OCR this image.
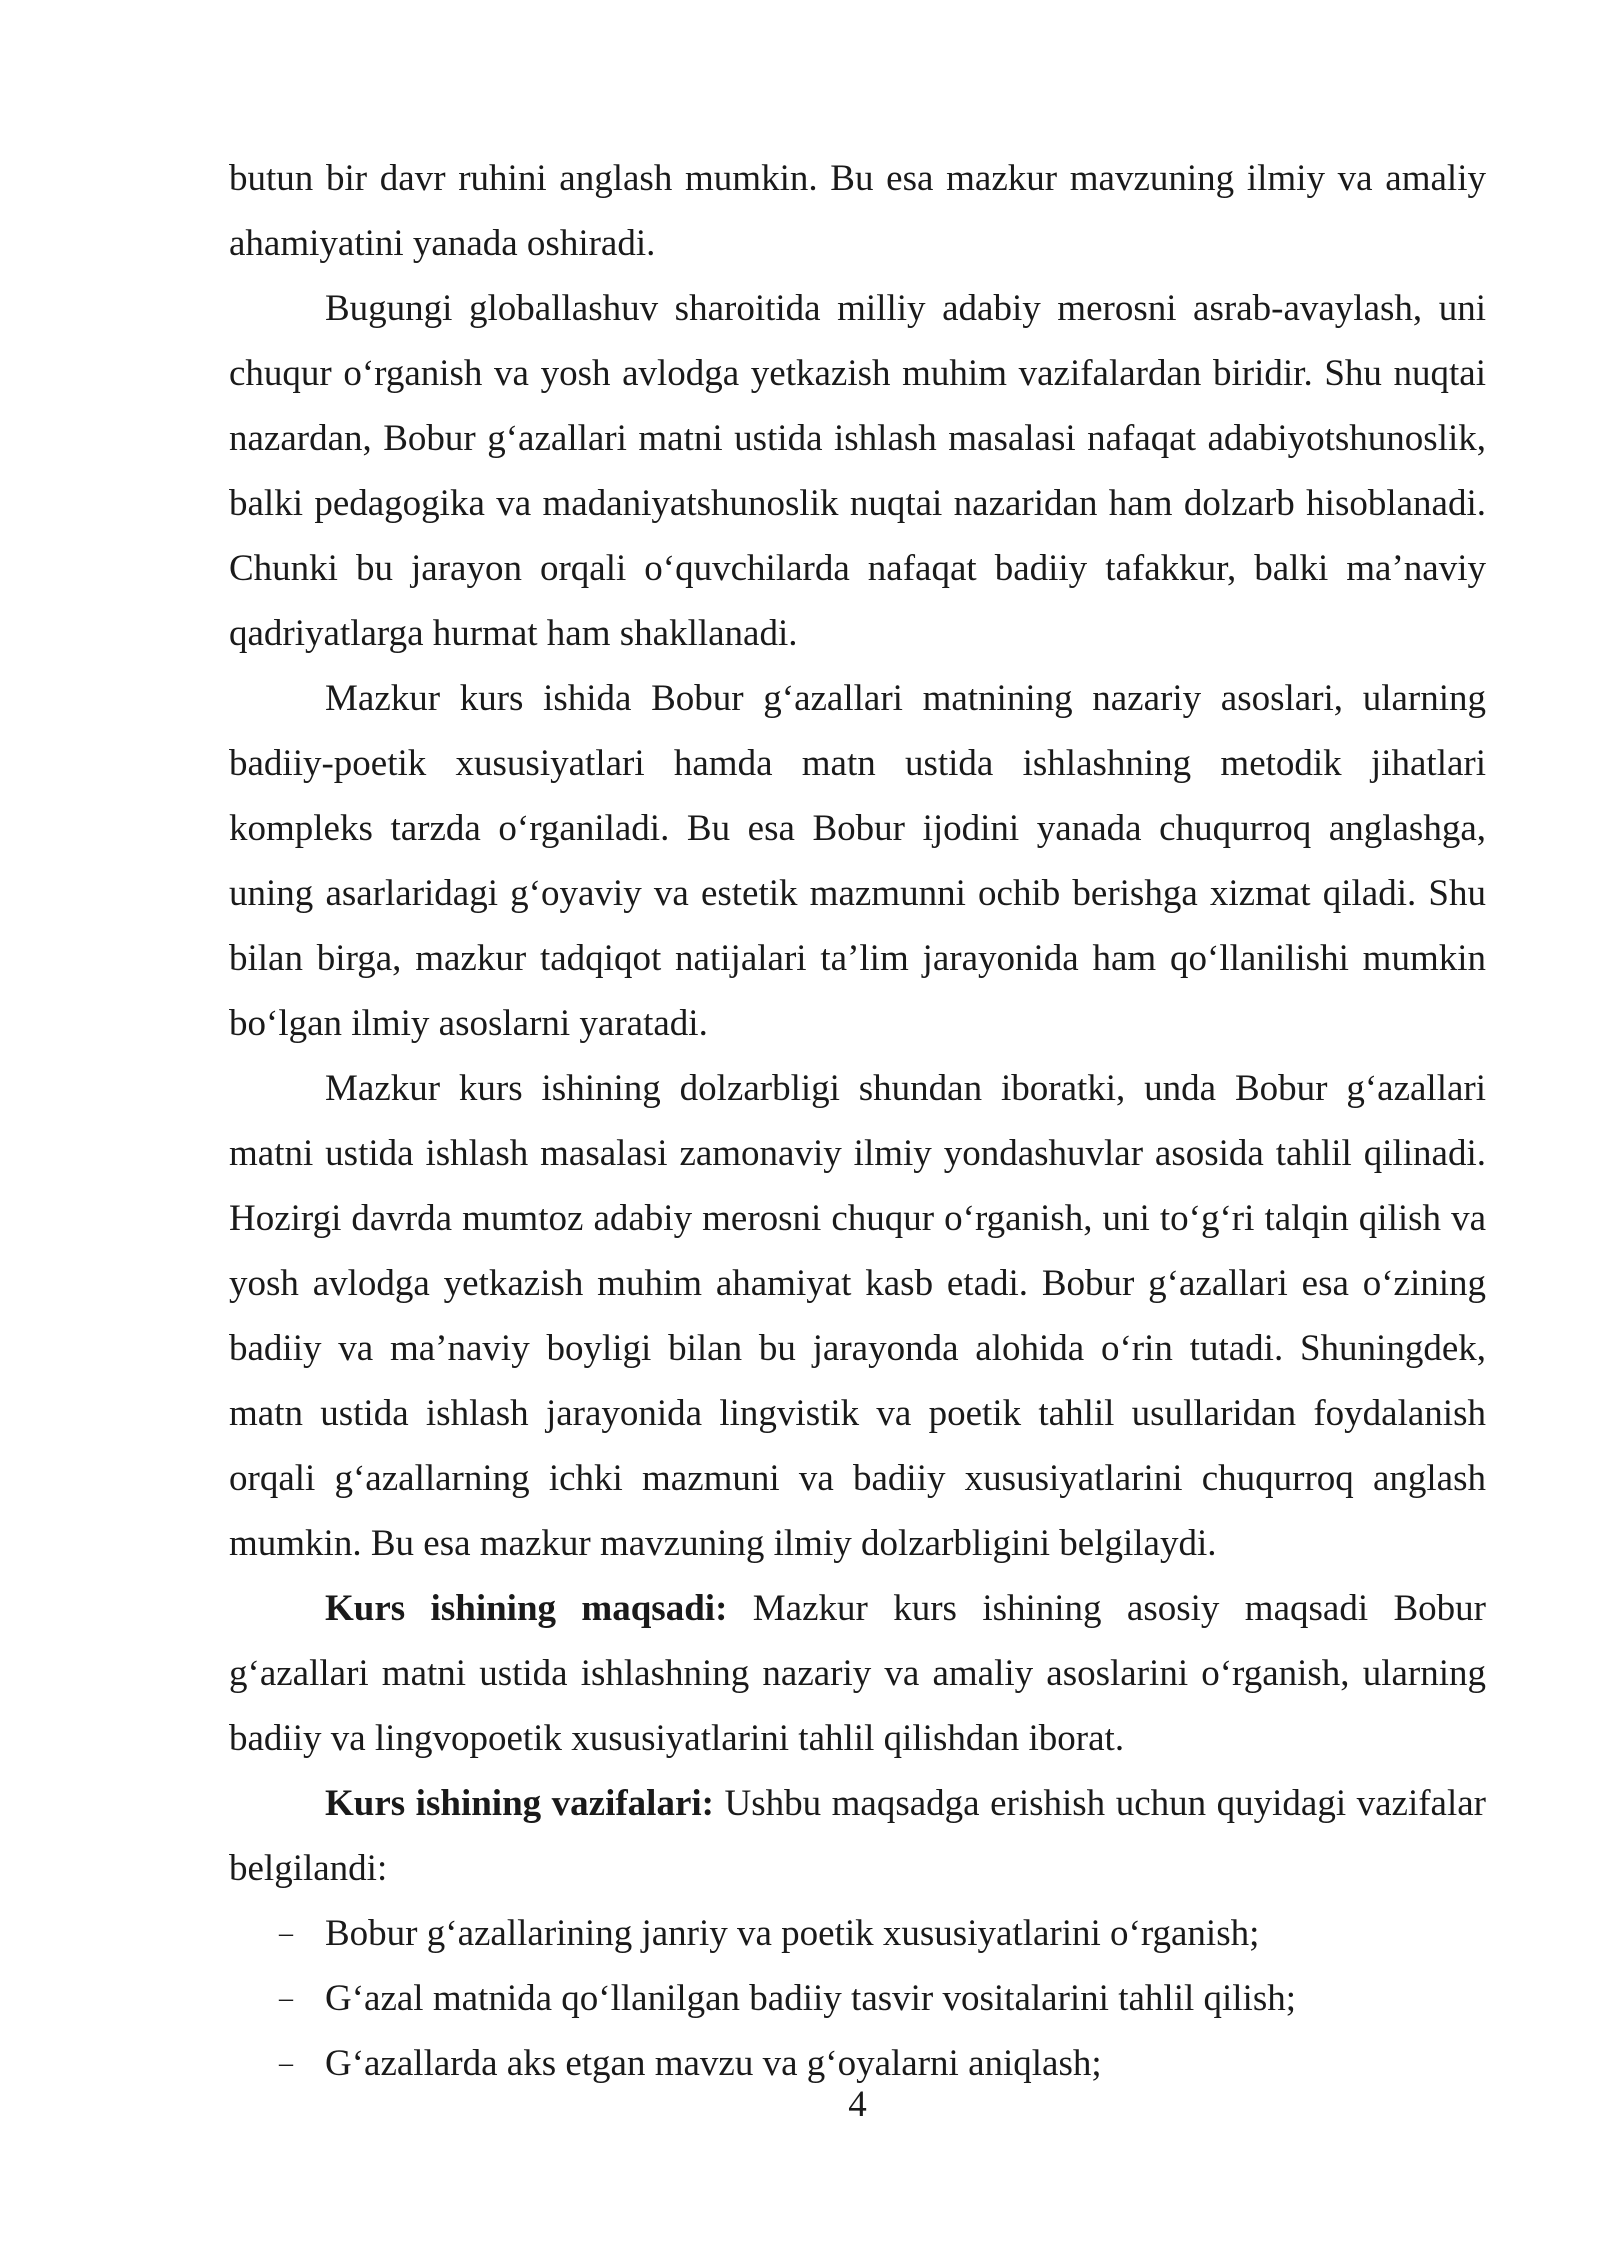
butun bir davr ruhini anglash mumkin. Bu esa mazkur mavzuning ilmiy va amaliy ahamiyatini yanada oshiradi.

Bugungi globallashuv sharoitida milliy adabiy merosni asrab-avaylash, uni chuqur o‘rganish va yosh avlodga yetkazish muhim vazifalardan biridir. Shu nuqtai nazardan, Bobur g‘azallari matni ustida ishlash masalasi nafaqat adabiyotshunoslik, balki pedagogika va madaniyatshunoslik nuqtai nazaridan ham dolzarb hisoblanadi. Chunki bu jarayon orqali o‘quvchilarda nafaqat badiiy tafakkur, balki ma’naviy qadriyatlarga hurmat ham shakllanadi.

Mazkur kurs ishida Bobur g‘azallari matnining nazariy asoslari, ularning badiiy-poetik xususiyatlari hamda matn ustida ishlashning metodik jihatlari kompleks tarzda o‘rganiladi. Bu esa Bobur ijodini yanada chuqurroq anglashga, uning asarlaridagi g‘oyaviy va estetik mazmunni ochib berishga xizmat qiladi. Shu bilan birga, mazkur tadqiqot natijalari ta’lim jarayonida ham qo‘llanilishi mumkin bo‘lgan ilmiy asoslarni yaratadi.

Mazkur kurs ishining dolzarbligi shundan iboratki, unda Bobur g‘azallari matni ustida ishlash masalasi zamonaviy ilmiy yondashuvlar asosida tahlil qilinadi. Hozirgi davrda mumtoz adabiy merosni chuqur o‘rganish, uni to‘g‘ri talqin qilish va yosh avlodga yetkazish muhim ahamiyat kasb etadi. Bobur g‘azallari esa o‘zining badiiy va ma’naviy boyligi bilan bu jarayonda alohida o‘rin tutadi. Shuningdek, matn ustida ishlash jarayonida lingvistik va poetik tahlil usullaridan foydalanish orqali g‘azallarning ichki mazmuni va badiiy xususiyatlarini chuqurroq anglash mumkin. Bu esa mazkur mavzuning ilmiy dolzarbligini belgilaydi.

Kurs ishining maqsadi: Mazkur kurs ishining asosiy maqsadi Bobur g‘azallari matni ustida ishlashning nazariy va amaliy asoslarini o‘rganish, ularning badiiy va lingvopoetik xususiyatlarini tahlil qilishdan iborat.

Kurs ishining vazifalari: Ushbu maqsadga erishish uchun quyidagi vazifalar belgilandi:

– Bobur g‘azallarining janriy va poetik xususiyatlarini o‘rganish;
– G‘azal matnida qo‘llanilgan badiiy tasvir vositalarini tahlil qilish;
– G‘azallarda aks etgan mavzu va g‘oyalarni aniqlash;
4
